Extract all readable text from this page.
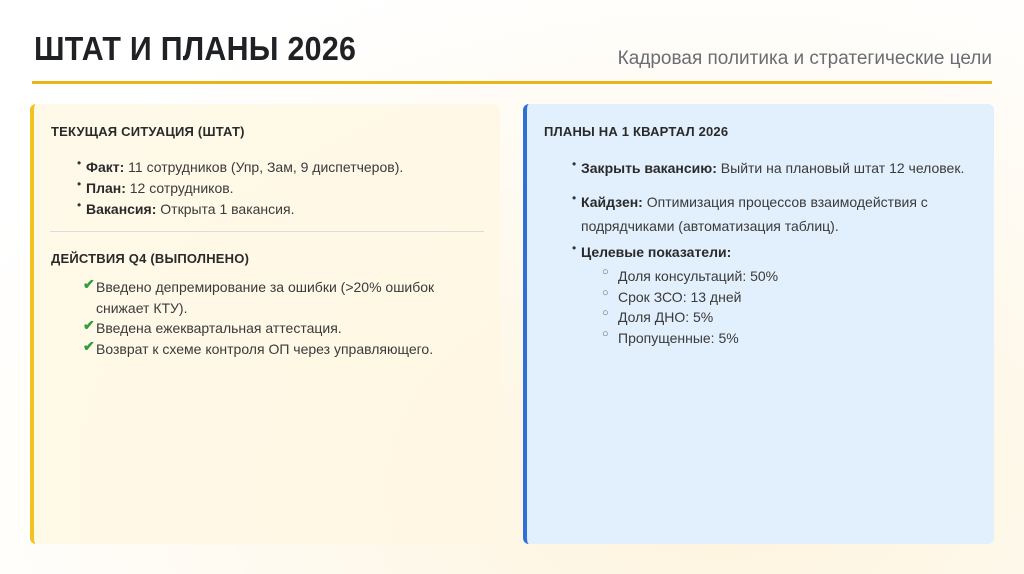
ШТАТ И ПЛАНЫ 2026	Кадровая политика и стратегические цели
ТЕКУЩАЯ СИТУАЦИЯ (ШТАТ)
• Факт: 11 сотрудников (Упр, Зам, 9 диспетчеров).
• План: 12 сотрудников.
• Вакансия: Открыта 1 вакансия.
ДЕЙСТВИЯ Q4 (ВЫПОЛНЕНО)
✔ Введено депремирование за ошибки (>20% ошибок
снижает КТУ).
✔ Введена ежеквартальная аттестация.
✔ Возврат к схеме контроля ОП через управляющего.
ПЛАНЫ НА 1 КВАРТАЛ 2026
• Закрыть вакансию: Выйти на плановый штат 12 человек.
• Кайдзен: Оптимизация процессов взаимодействия с
подрядчиками (автоматизация таблиц).
• Целевые показатели:
○ Доля консультаций: 50%
○ Срок ЗСО: 13 дней
○ Доля ДНО: 5%
○ Пропущенные: 5%
